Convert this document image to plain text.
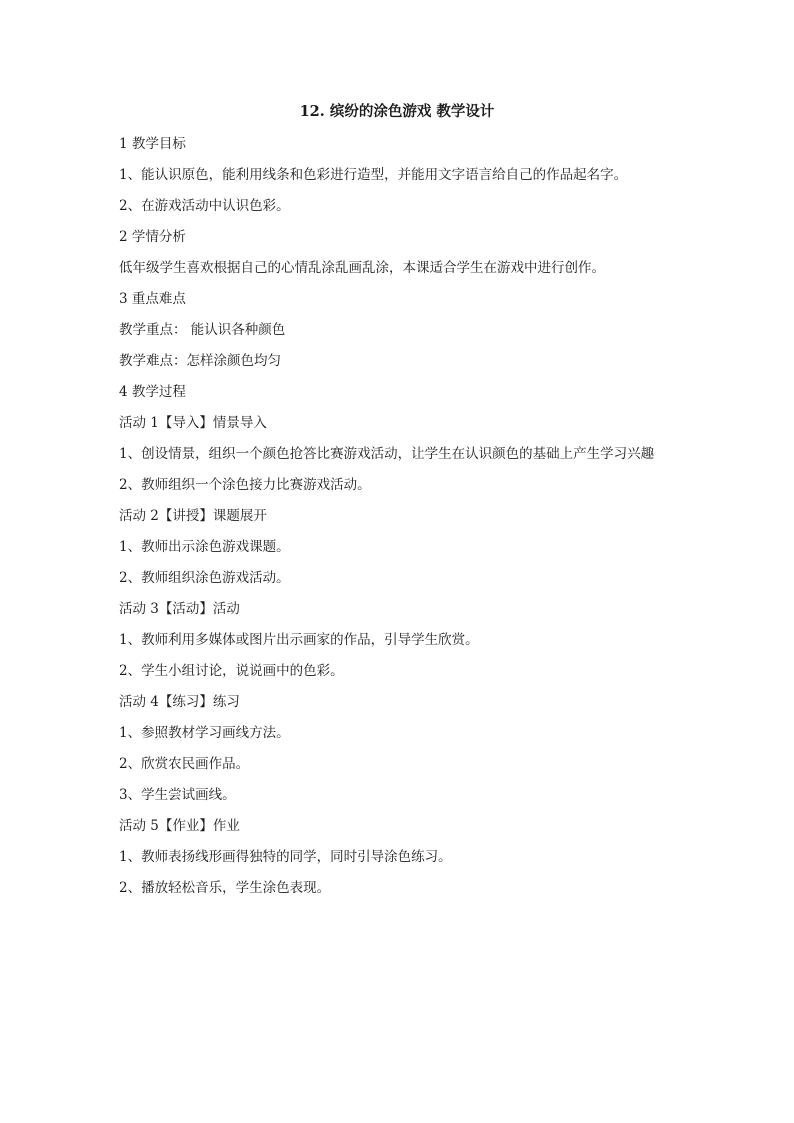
12. 缤纷的涂色游戏 教学设计
1 教学目标
1、能认识原色，能利用线条和色彩进行造型，并能用文字语言给自己的作品起名字。
2、在游戏活动中认识色彩。
2 学情分析
低年级学生喜欢根据自己的心情乱涂乱画乱涂，本课适合学生在游戏中进行创作。
3 重点难点
教学重点： 能认识各种颜色
教学难点：怎样涂颜色均匀
4 教学过程
活动 1【导入】情景导入
1、创设情景，组织一个颜色抢答比赛游戏活动，让学生在认识颜色的基础上产生学习兴趣
2、教师组织一个涂色接力比赛游戏活动。
活动 2【讲授】课题展开
1、教师出示涂色游戏课题。
2、教师组织涂色游戏活动。
活动 3【活动】活动
1、教师利用多媒体或图片出示画家的作品，引导学生欣赏。
2、学生小组讨论，说说画中的色彩。
活动 4【练习】练习
1、参照教材学习画线方法。
2、欣赏农民画作品。
3、学生尝试画线。
活动 5【作业】作业
1、教师表扬线形画得独特的同学，同时引导涂色练习。
2、播放轻松音乐，学生涂色表现。
